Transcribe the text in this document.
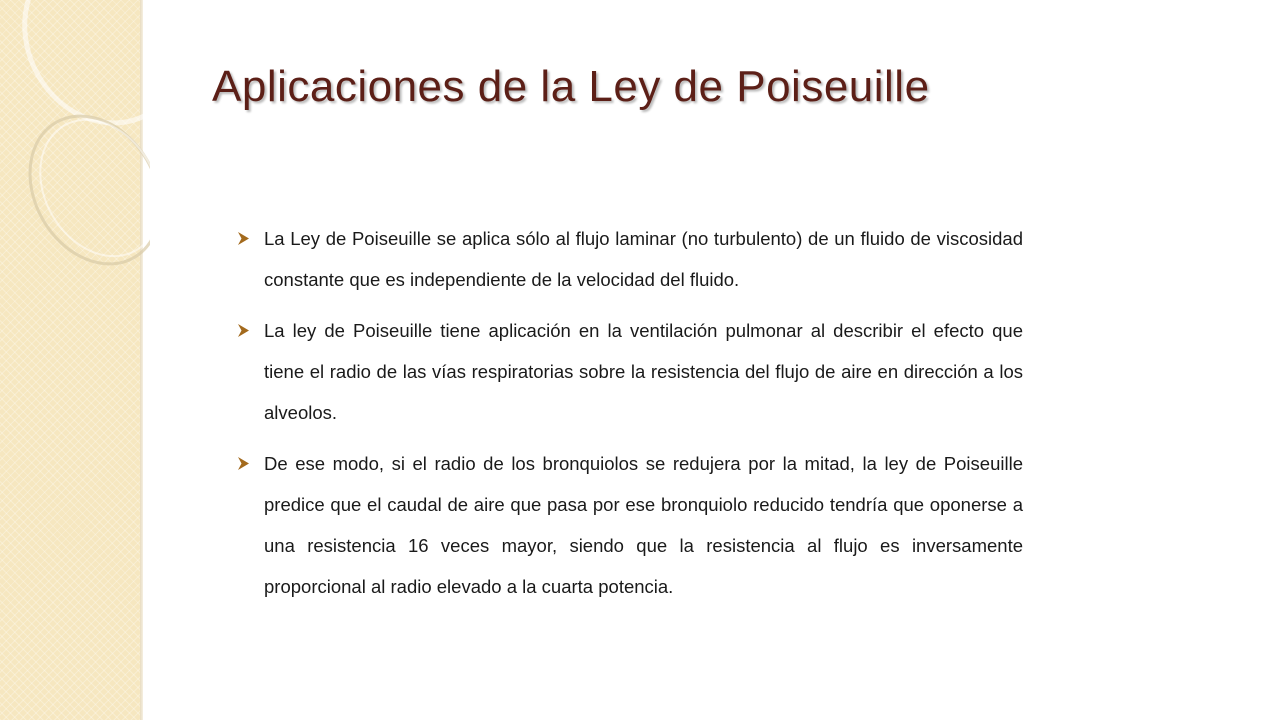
Aplicaciones de la Ley de Poiseuille
La Ley de Poiseuille se aplica sólo al flujo laminar (no turbulento) de un fluido de viscosidad constante que es independiente de la velocidad del fluido.
La ley de Poiseuille tiene aplicación en la ventilación pulmonar al describir el efecto que tiene el radio de las vías respiratorias sobre la resistencia del flujo de aire en dirección a los alveolos.
De ese modo, si el radio de los bronquiolos se redujera por la mitad, la ley de Poiseuille predice que el caudal de aire que pasa por ese bronquiolo reducido tendría que oponerse a una resistencia 16 veces mayor, siendo que la resistencia al flujo es inversamente proporcional al radio elevado a la cuarta potencia.
